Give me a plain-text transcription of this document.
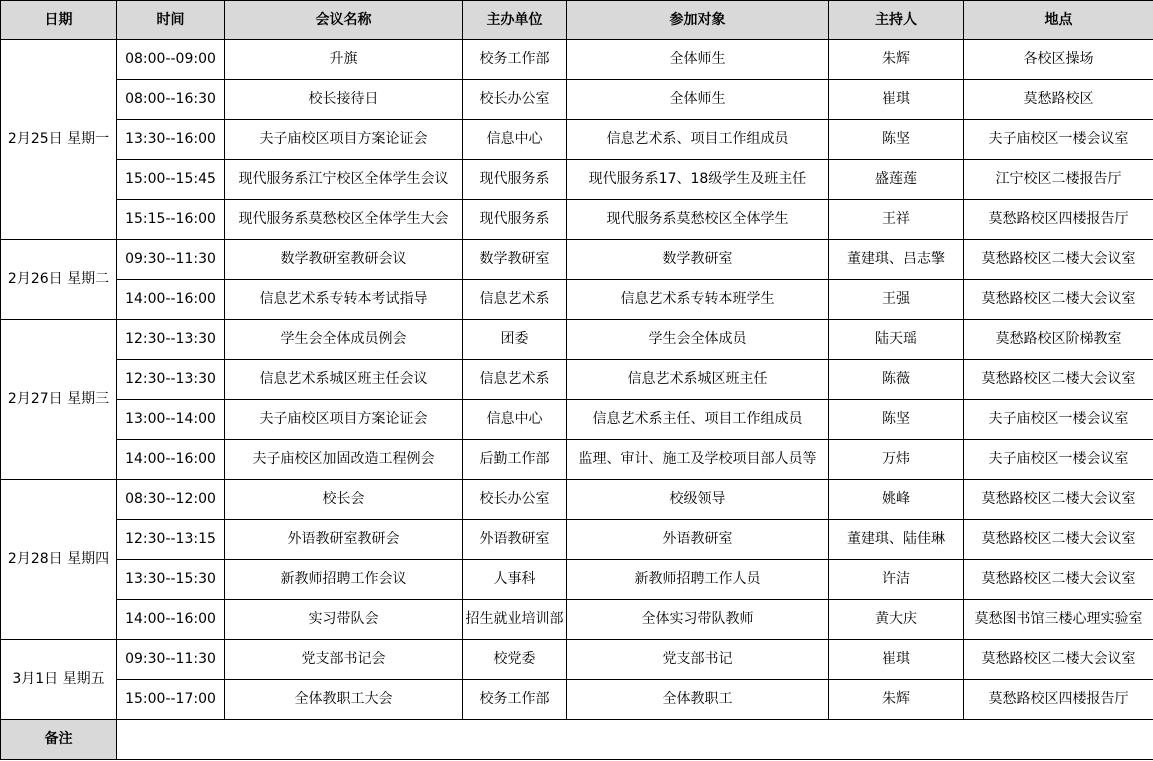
日期	时间	会议名称	主办单位	参加对象	主持人	地点
2月25日 星期一	08:00--09:00	升旗	校务工作部	全体师生	朱辉	各校区操场
	08:00--16:30	校长接待日	校长办公室	全体师生	崔琪	莫愁路校区
	13:30--16:00	夫子庙校区项目方案论证会	信息中心	信息艺术系、项目工作组成员	陈坚	夫子庙校区一楼会议室
	15:00--15:45	现代服务系江宁校区全体学生会议	现代服务系	现代服务系17、18级学生及班主任	盛莲莲	江宁校区二楼报告厅
	15:15--16:00	现代服务系莫愁校区全体学生大会	现代服务系	现代服务系莫愁校区全体学生	王祥	莫愁路校区四楼报告厅
2月26日 星期二	09:30--11:30	数学教研室教研会议	数学教研室	数学教研室	董建琪、吕志擎	莫愁路校区二楼大会议室
	14:00--16:00	信息艺术系专转本考试指导	信息艺术系	信息艺术系专转本班学生	王强	莫愁路校区二楼大会议室
2月27日 星期三	12:30--13:30	学生会全体成员例会	团委	学生会全体成员	陆天瑶	莫愁路校区阶梯教室
	12:30--13:30	信息艺术系城区班主任会议	信息艺术系	信息艺术系城区班主任	陈薇	莫愁路校区二楼大会议室
	13:00--14:00	夫子庙校区项目方案论证会	信息中心	信息艺术系主任、项目工作组成员	陈坚	夫子庙校区一楼会议室
	14:00--16:00	夫子庙校区加固改造工程例会	后勤工作部	监理、审计、施工及学校项目部人员等	万炜	夫子庙校区一楼会议室
2月28日 星期四	08:30--12:00	校长会	校长办公室	校级领导	姚峰	莫愁路校区二楼大会议室
	12:30--13:15	外语教研室教研会	外语教研室	外语教研室	董建琪、陆佳琳	莫愁路校区二楼大会议室
	13:30--15:30	新教师招聘工作会议	人事科	新教师招聘工作人员	许洁	莫愁路校区二楼大会议室
	14:00--16:00	实习带队会	招生就业培训部	全体实习带队教师	黄大庆	莫愁图书馆三楼心理实验室
3月1日 星期五	09:30--11:30	党支部书记会	校党委	党支部书记	崔琪	莫愁路校区二楼大会议室
	15:00--17:00	全体教职工大会	校务工作部	全体教职工	朱辉	莫愁路校区四楼报告厅
备注						
